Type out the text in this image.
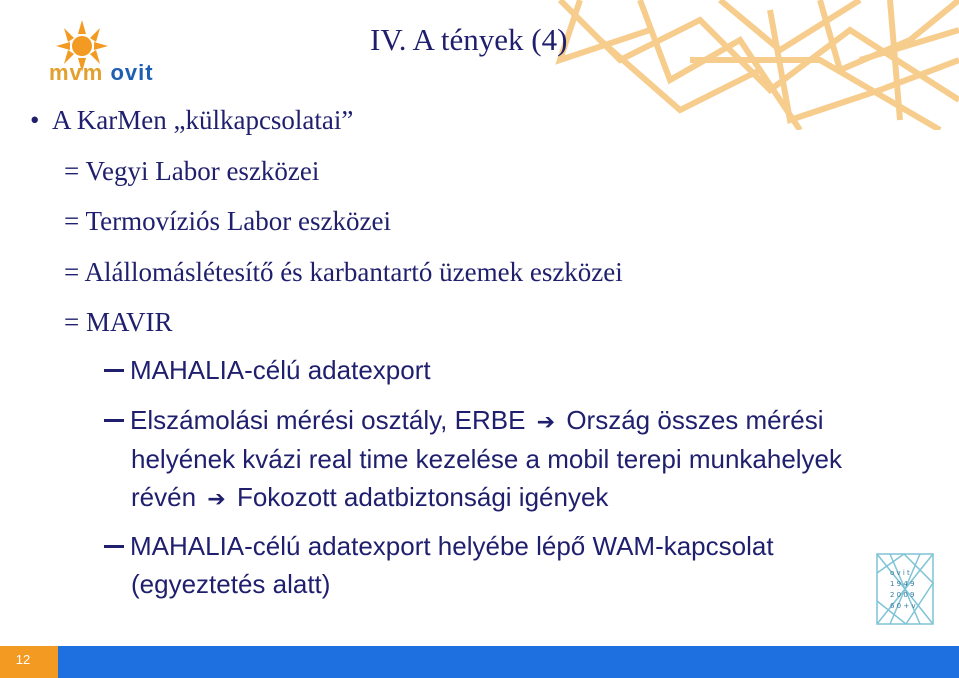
mvm ovit
IV. A tények (4)
• A KarMen „külkapcsolatai”
= Vegyi Labor eszközei
= Termovíziós Labor eszközei
= Alállomáslétesítő és karbantartó üzemek eszközei
= MAVIR
MAHALIA-célú adatexport
Elszámolási mérési osztály, ERBE ➔ Ország összes mérési
helyének kvázi real time kezelése a mobil terepi munkahelyek
révén ➔ Fokozott adatbiztonsági igények
MAHALIA-célú adatexport helyébe lépő WAM-kapcsolat
(egyeztetés alatt)	o v i t
1 9 4 9
2 0 0 9
6 0 + v
12
